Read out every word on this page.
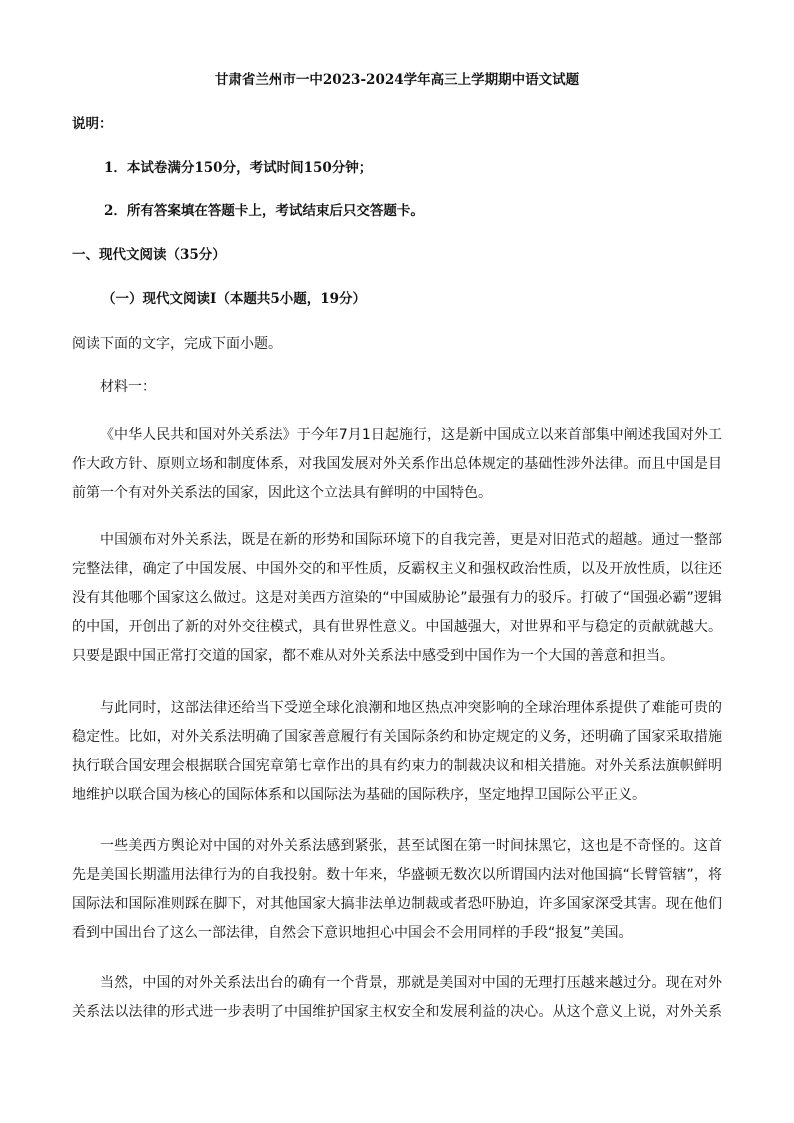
甘肃省兰州市一中2023-2024学年高三上学期期中语文试题
说明：
1．本试卷满分150分，考试时间150分钟；
2．所有答案填在答题卡上，考试结束后只交答题卡。
一、现代文阅读（35分）
（一）现代文阅读Ⅰ（本题共5小题，19分）
阅读下面的文字，完成下面小题。
材料一：

《中华人民共和国对外关系法》于今年7月1日起施行，这是新中国成立以来首部集中阐述我国对外工作大政方针、原则立场和制度体系，对我国发展对外关系作出总体规定的基础性涉外法律。而且中国是目前第一个有对外关系法的国家，因此这个立法具有鲜明的中国特色。

中国颁布对外关系法，既是在新的形势和国际环境下的自我完善，更是对旧范式的超越。通过一整部完整法律，确定了中国发展、中国外交的和平性质，反霸权主义和强权政治性质，以及开放性质，以往还没有其他哪个国家这么做过。这是对美西方渲染的“中国威胁论”最强有力的驳斥。打破了“国强必霸”逻辑的中国，开创出了新的对外交往模式，具有世界性意义。中国越强大，对世界和平与稳定的贡献就越大。只要是跟中国正常打交道的国家，都不难从对外关系法中感受到中国作为一个大国的善意和担当。

与此同时，这部法律还给当下受逆全球化浪潮和地区热点冲突影响的全球治理体系提供了难能可贵的稳定性。比如，对外关系法明确了国家善意履行有关国际条约和协定规定的义务，还明确了国家采取措施执行联合国安理会根据联合国宪章第七章作出的具有约束力的制裁决议和相关措施。对外关系法旗帜鲜明地维护以联合国为核心的国际体系和以国际法为基础的国际秩序，坚定地捍卫国际公平正义。

一些美西方舆论对中国的对外关系法感到紧张，甚至试图在第一时间抹黑它，这也是不奇怪的。这首先是美国长期滥用法律行为的自我投射。数十年来，华盛顿无数次以所谓国内法对他国搞“长臂管辖”，将国际法和国际准则踩在脚下，对其他国家大搞非法单边制裁或者恐吓胁迫，许多国家深受其害。现在他们看到中国出台了这么一部法律，自然会下意识地担心中国会不会用同样的手段“报复”美国。

当然，中国的对外关系法出台的确有一个背景，那就是美国对中国的无理打压越来越过分。现在对外关系法以法律的形式进一步表明了中国维护国家主权安全和发展利益的决心。从这个意义上说，对外关系
